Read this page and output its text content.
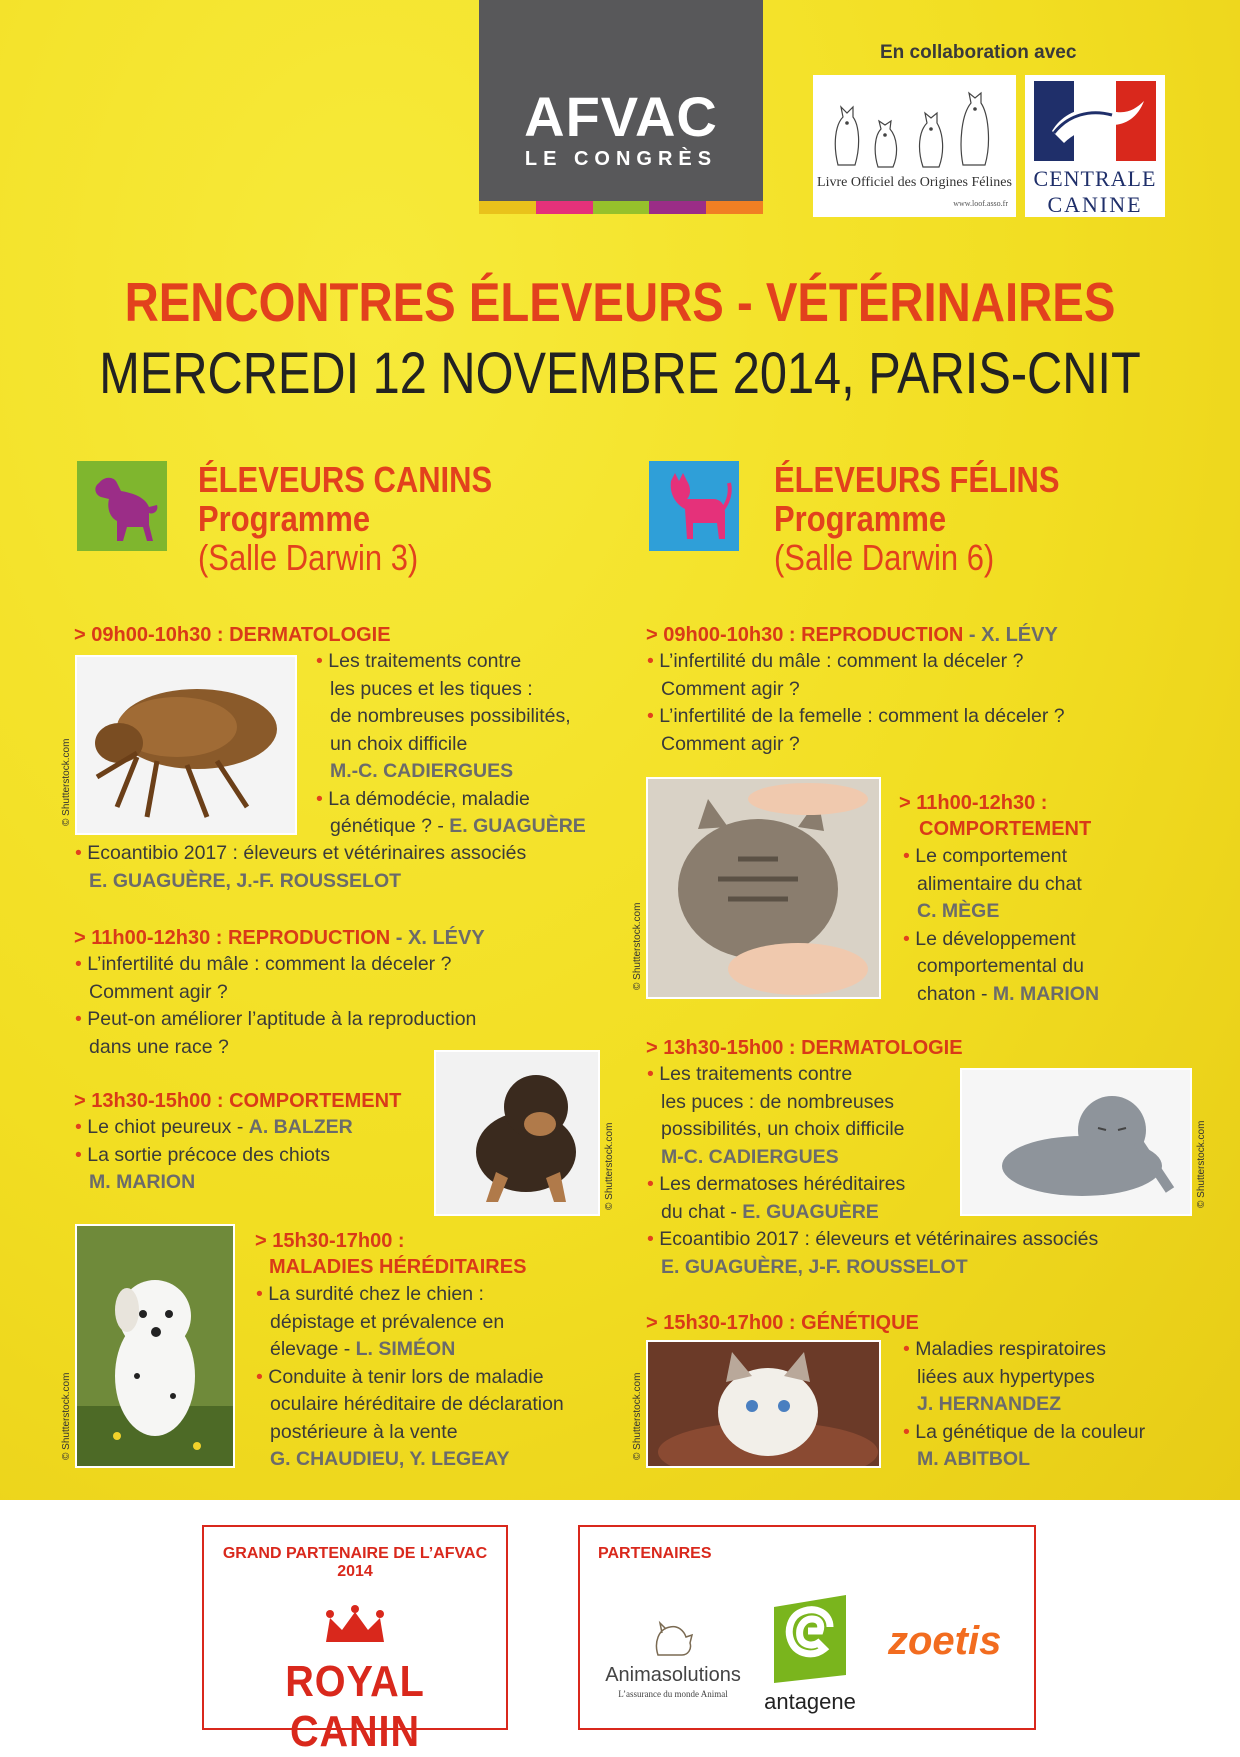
AFVAC
LE CONGRÈS
En collaboration avec
Livre Officiel des Origines Félines
www.loof.asso.fr
CENTRALE
CANINE
RENCONTRES ÉLEVEURS - VÉTÉRINAIRES
MERCREDI 12 NOVEMBRE 2014, PARIS-CNIT
ÉLEVEURS CANINS
Programme
(Salle Darwin 3)
> 09h00-10h30 : DERMATOLOGIE
© Shutterstock.com
• Les traitements contre
les puces et les tiques :
de nombreuses possibilités,
un choix difficile
M.-C. CADIERGUES
• La démodécie, maladie
génétique ? - E. GUAGUÈRE
• Ecoantibio 2017 : éleveurs et vétérinaires associés
E. GUAGUÈRE, J.-F. ROUSSELOT
> 11h00-12h30 : REPRODUCTION - X. LÉVY
• L’infertilité du mâle : comment la déceler ?
Comment agir ?
• Peut-on améliorer l’aptitude à la reproduction
dans une race ?
> 13h30-15h00 : COMPORTEMENT
• Le chiot peureux - A. BALZER
• La sortie précoce des chiots
M. MARION	© Shutterstock.com
© Shutterstock.com
> 15h30-17h00 :
MALADIES HÉRÉDITAIRES
• La surdité chez le chien :
dépistage et prévalence en
élevage - L. SIMÉON
• Conduite à tenir lors de maladie
oculaire héréditaire de déclaration
postérieure à la vente
G. CHAUDIEU, Y. LEGEAY
ÉLEVEURS FÉLINS
Programme
(Salle Darwin 6)
> 09h00-10h30 : REPRODUCTION - X. LÉVY
• L’infertilité du mâle : comment la déceler ?
Comment agir ?
• L’infertilité de la femelle : comment la déceler ?
Comment agir ?
© Shutterstock.com
> 11h00-12h30 :
COMPORTEMENT
• Le comportement
alimentaire du chat
C. MÈGE
• Le développement
comportemental du
chaton - M. MARION
> 13h30-15h00 : DERMATOLOGIE
• Les traitements contre
les puces : de nombreuses
possibilités, un choix difficile
M-C. CADIERGUES
• Les dermatoses héréditaires
du chat - E. GUAGUÈRE
• Ecoantibio 2017 : éleveurs et vétérinaires associés
E. GUAGUÈRE, J-F. ROUSSELOT
© Shutterstock.com
> 15h30-17h00 : GÉNÉTIQUE
© Shutterstock.com
• Maladies respiratoires
liées aux hypertypes
J. HERNANDEZ
• La génétique de la couleur
M. ABITBOL
GRAND PARTENAIRE DE L’AFVAC 2014
ROYAL CANIN
PARTENAIRES
Animasolutions
L’assurance du monde Animal	antagene
zoetis
